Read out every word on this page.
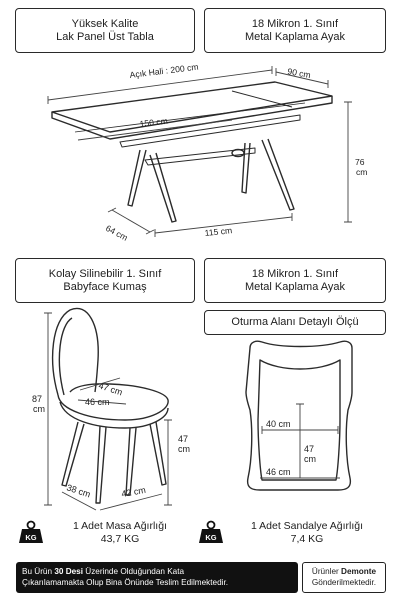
Yüksek Kalite
Lak Panel Üst Tabla
18 Mikron 1. Sınıf
Metal Kaplama Ayak
Açık Hali : 200 cm	90 cm
150 cm
76
cm
64 cm	115 cm
Kolay Silinebilir 1. Sınıf
Babyface Kumaş
18 Mikron 1. Sınıf
Metal Kaplama Ayak
Oturma Alanı Detaylı Ölçü
87
cm
47
cm
47 cm
46 cm
38 cm	42 cm
40 cm
47
cm
46 cm
KG
1 Adet Masa Ağırlığı
43,7 KG	KG
1 Adet Sandalye Ağırlığı
7,4 KG
Bu Ürün 30 Desi Üzerinde Olduğundan Kata
Çıkarılamamakta Olup Bina Önünde Teslim Edilmektedir.
Ürünler Demonte
Gönderilmektedir.
